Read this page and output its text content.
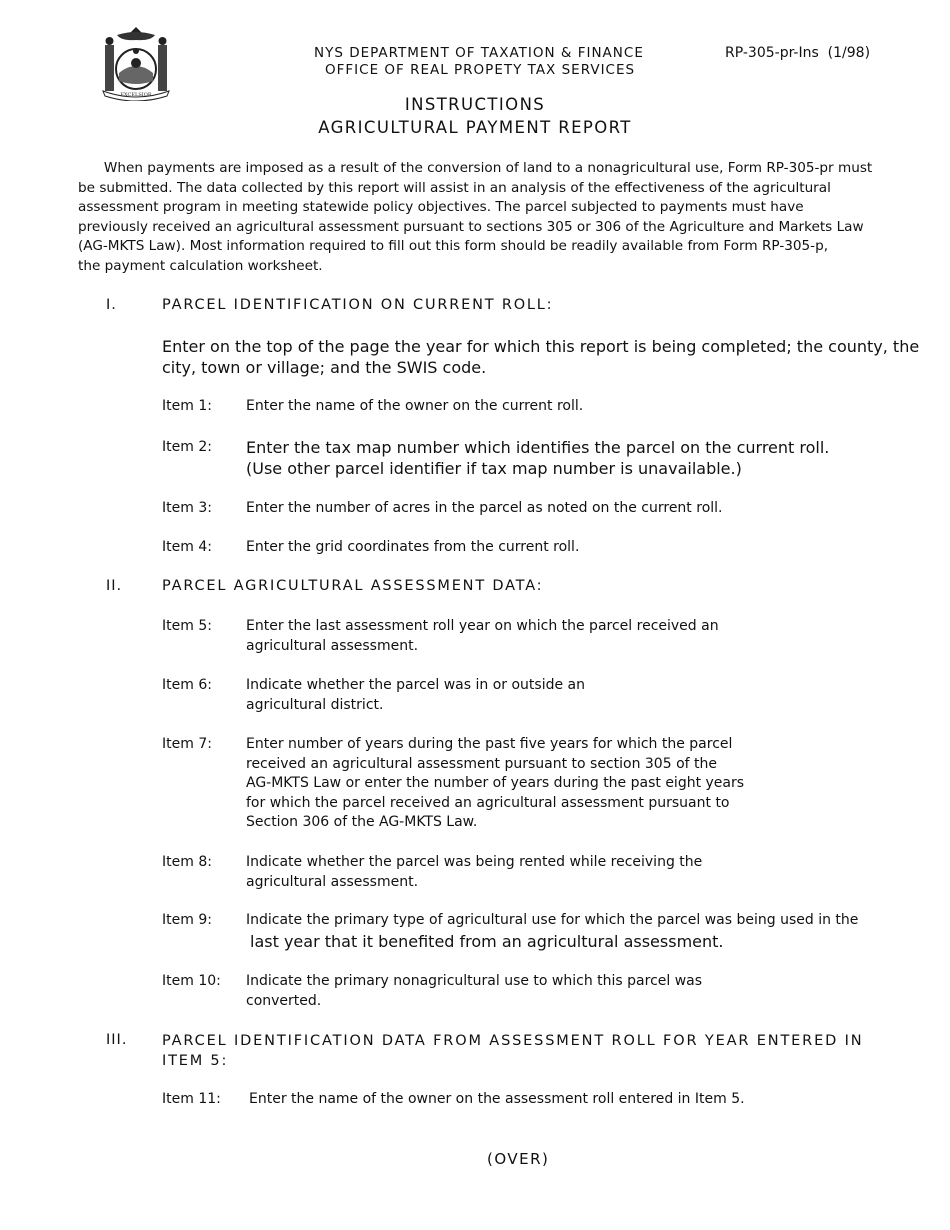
EXCELSIOR
NYS DEPARTMENT OF TAXATION & FINANCE
OFFICE OF REAL PROPETY TAX SERVICES
RP-305-pr-Ins  (1/98)
INSTRUCTIONS
AGRICULTURAL PAYMENT REPORT
When payments are imposed as a result of the conversion of land to a nonagricultural use, Form RP-305-pr must
be submitted. The data collected by this report will assist in an analysis of the effectiveness of the agricultural
assessment program in meeting statewide policy objectives. The parcel subjected to payments must have
previously received an agricultural assessment pursuant to sections 305 or 306 of the Agriculture and Markets Law
(AG-MKTS Law). Most information required to fill out this form should be readily available from Form RP-305-p,
the payment calculation worksheet.
I.	PARCEL IDENTIFICATION ON CURRENT ROLL:
Enter on the top of the page the year for which this report is being completed; the county, the
city, town or village; and the SWIS code.
Item 1: Enter the name of the owner on the current roll.
Item 2: Enter the tax map number which identifies the parcel on the current roll.
(Use other parcel identifier if tax map number is unavailable.)
Item 3: Enter the number of acres in the parcel as noted on the current roll.
Item 4: Enter the grid coordinates from the current roll.
II.	PARCEL AGRICULTURAL ASSESSMENT DATA:
Item 5: Enter the last assessment roll year on which the parcel received an
agricultural assessment.
Item 6: Indicate whether the parcel was in or outside an
agricultural district.
Item 7: Enter number of years during the past five years for which the parcel
received an agricultural assessment pursuant to section 305 of the
AG-MKTS Law or enter the number of years during the past eight years
for which the parcel received an agricultural assessment pursuant to
Section 306 of the AG-MKTS Law.
Item 8: Indicate whether the parcel was being rented while receiving the
agricultural assessment.
Item 9: Indicate the primary type of agricultural use for which the parcel was being used in the
last year that it benefited from an agricultural assessment.
Item 10: Indicate the primary nonagricultural use to which this parcel was
converted.
III. PARCEL IDENTIFICATION DATA FROM ASSESSMENT ROLL FOR YEAR ENTERED IN
ITEM 5:
Item 11: Enter the name of the owner on the assessment roll entered in Item 5.
(OVER)
